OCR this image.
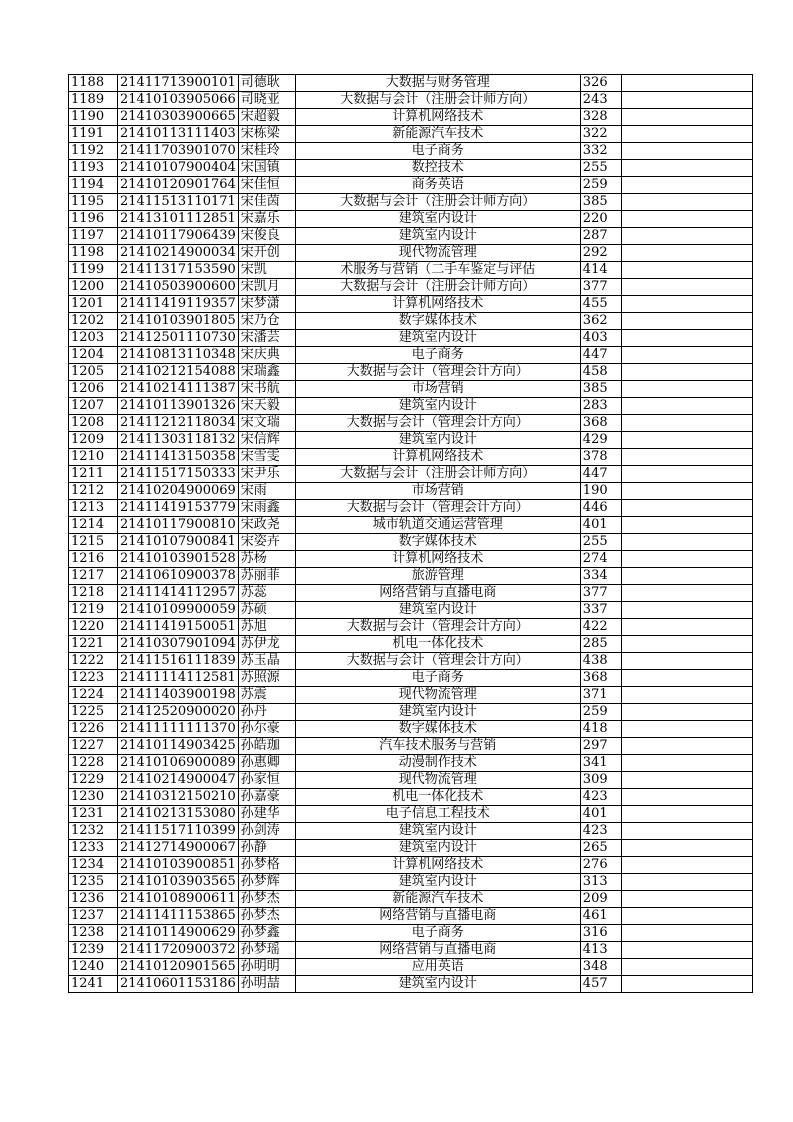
1188	21411713900101	司德耿	大数据与财务管理	326	
1189	21410103905066	司晓亚	大数据与会计（注册会计师方向）	243	
1190	21410303900665	宋超毅	计算机网络技术	328	
1191	21410113111403	宋栋梁	新能源汽车技术	322	
1192	21411703901070	宋桂玲	电子商务	332	
1193	21410107900404	宋国镇	数控技术	255	
1194	21410120901764	宋佳恒	商务英语	259	
1195	21411513110171	宋佳茵	大数据与会计（注册会计师方向）	385	
1196	21413101112851	宋嘉乐	建筑室内设计	220	
1197	21410117906439	宋俊良	建筑室内设计	287	
1198	21410214900034	宋开创	现代物流管理	292	
1199	21411317153590	宋凯	术服务与营销（二手车鉴定与评估	414	
1200	21410503900600	宋凯月	大数据与会计（注册会计师方向）	377	
1201	21411419119357	宋梦潇	计算机网络技术	455	
1202	21410103901805	宋乃仓	数字媒体技术	362	
1203	21412501110730	宋潘芸	建筑室内设计	403	
1204	21410813110348	宋庆典	电子商务	447	
1205	21410212154088	宋瑞鑫	大数据与会计（管理会计方向）	458	
1206	21410214111387	宋书航	市场营销	385	
1207	21410113901326	宋天毅	建筑室内设计	283	
1208	21411212118034	宋文瑞	大数据与会计（管理会计方向）	368	
1209	21411303118132	宋信辉	建筑室内设计	429	
1210	21411413150358	宋雪雯	计算机网络技术	378	
1211	21411517150333	宋尹乐	大数据与会计（注册会计师方向）	447	
1212	21410204900069	宋雨	市场营销	190	
1213	21411419153779	宋雨鑫	大数据与会计（管理会计方向）	446	
1214	21410117900810	宋政尧	城市轨道交通运营管理	401	
1215	21410107900841	宋姿卉	数字媒体技术	255	
1216	21410103901528	苏杨	计算机网络技术	274	
1217	21410610900378	苏丽菲	旅游管理	334	
1218	21411414112957	苏蕊	网络营销与直播电商	377	
1219	21410109900059	苏硕	建筑室内设计	337	
1220	21411419150051	苏旭	大数据与会计（管理会计方向）	422	
1221	21410307901094	苏伊龙	机电一体化技术	285	
1222	21411516111839	苏玉晶	大数据与会计（管理会计方向）	438	
1223	21411114112581	苏照源	电子商务	368	
1224	21411403900198	苏震	现代物流管理	371	
1225	21412520900020	孙丹	建筑室内设计	259	
1226	21411111111370	孙尔豪	数字媒体技术	418	
1227	21410114903425	孙皓珈	汽车技术服务与营销	297	
1228	21410106900089	孙惠卿	动漫制作技术	341	
1229	21410214900047	孙家恒	现代物流管理	309	
1230	21410312150210	孙嘉豪	机电一体化技术	423	
1231	21410213153080	孙建华	电子信息工程技术	401	
1232	21411517110399	孙剑涛	建筑室内设计	423	
1233	21412714900067	孙静	建筑室内设计	265	
1234	21410103900851	孙梦格	计算机网络技术	276	
1235	21410103903565	孙梦辉	建筑室内设计	313	
1236	21410108900611	孙梦杰	新能源汽车技术	209	
1237	21411411153865	孙梦杰	网络营销与直播电商	461	
1238	21410114900629	孙梦鑫	电子商务	316	
1239	21411720900372	孙梦瑶	网络营销与直播电商	413	
1240	21410120901565	孙明明	应用英语	348	
1241	21410601153186	孙明喆	建筑室内设计	457	
